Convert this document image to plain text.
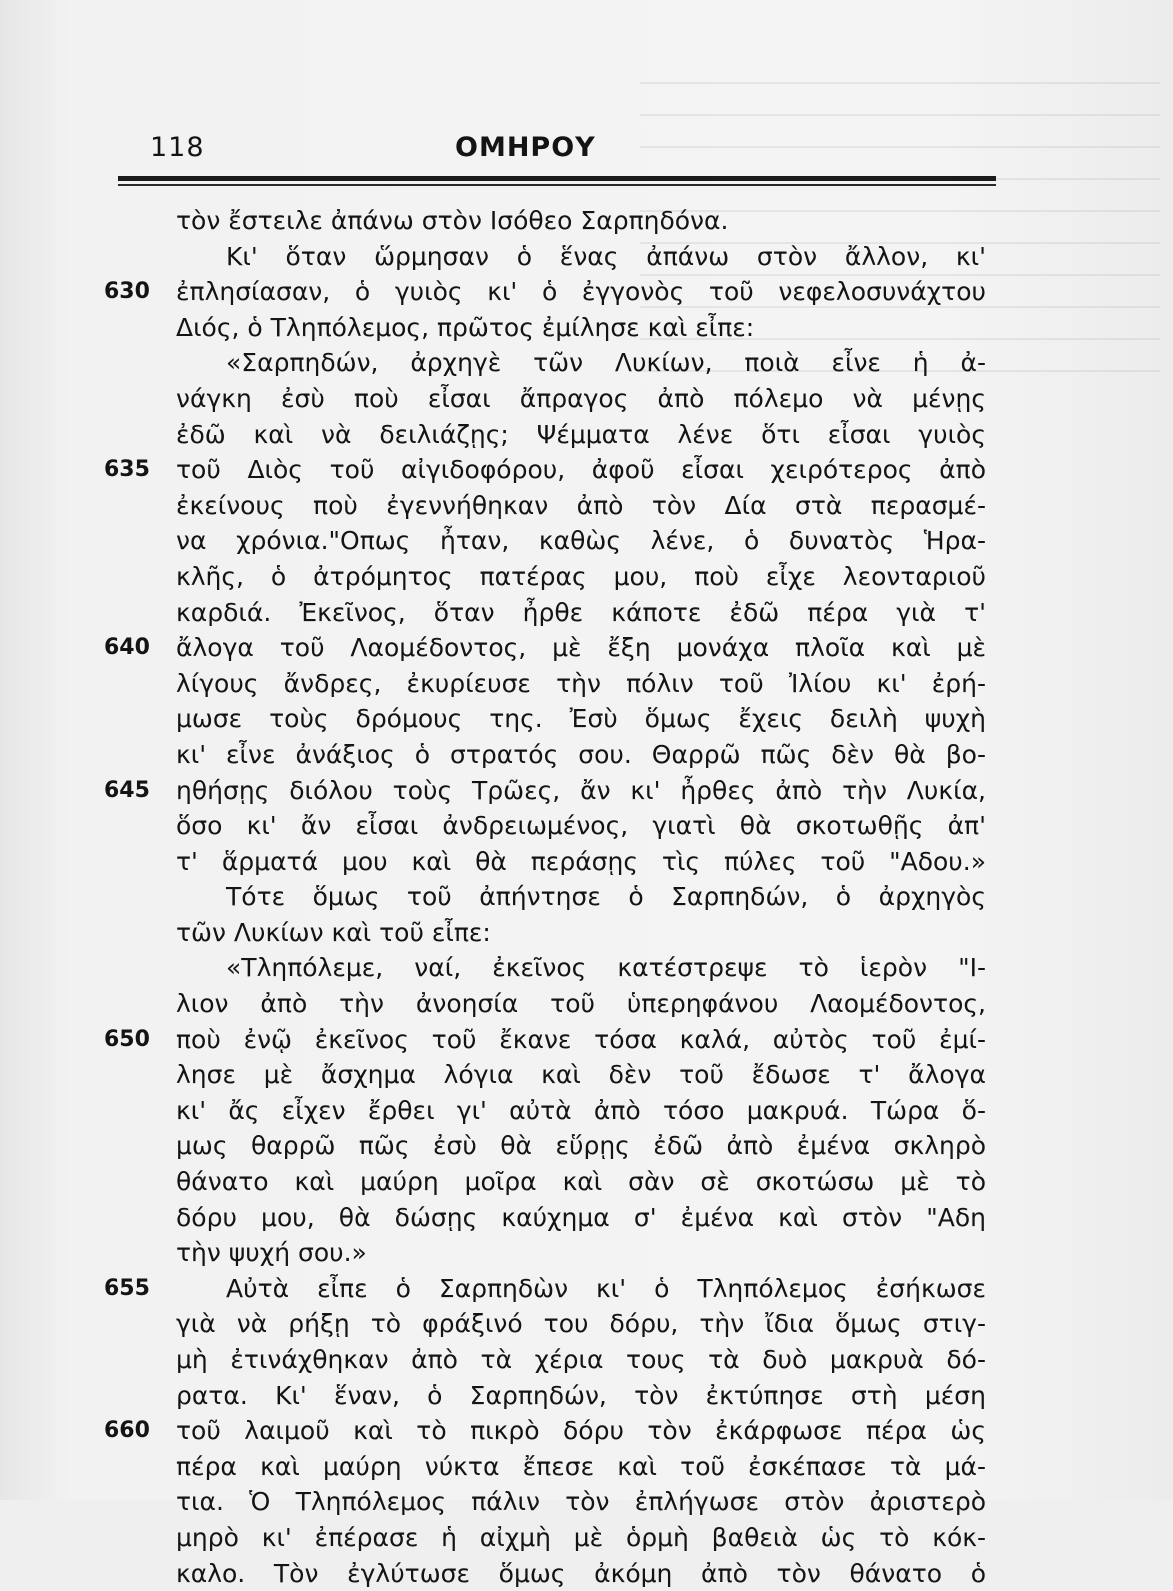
118	ΟΜΗΡΟΥ
τὸν ἔστειλε ἀπάνω στὸν Ισόθεο Σαρπηδόνα.
Κι' ὅταν ὥρμησαν ὁ ἕνας ἀπάνω στὸν ἄλλον, κι'
ἐπλησίασαν, ὁ γυιὸς κι' ὁ ἐγγονὸς τοῦ νεφελοσυνάχτου
630
Διός, ὁ Τληπόλεμος, πρῶτος ἐμίλησε καὶ εἶπε:
«Σαρπηδών, ἀρχηγὲ τῶν Λυκίων, ποιὰ εἶνε ἡ ἀ-
νάγκη ἐσὺ ποὺ εἶσαι ἄπραγος ἀπὸ πόλεμο νὰ μένῃς
ἐδῶ καὶ νὰ δειλιάζῃς; Ψέμματα λένε ὅτι εἶσαι γυιὸς
τοῦ Διὸς τοῦ αἰγιδοφόρου, ἀφοῦ εἶσαι χειρότερος ἀπὸ
635
ἐκείνους ποὺ ἐγεννήθηκαν ἀπὸ τὸν Δία στὰ περασμέ-
να χρόνια."Οπως ἦταν, καθὼς λένε, ὁ δυνατὸς Ἡρα-
κλῆς, ὁ ἀτρόμητος πατέρας μου, ποὺ εἶχε λεονταριοῦ
καρδιά. Ἐκεῖνος, ὅταν ἦρθε κάποτε ἐδῶ πέρα γιὰ τ'
ἄλογα τοῦ Λαομέδοντος, μὲ ἔξη μονάχα πλοῖα καὶ μὲ
640
λίγους ἄνδρες, ἐκυρίευσε τὴν πόλιν τοῦ Ἰλίου κι' ἐρή-
μωσε τοὺς δρόμους της. Ἐσὺ ὅμως ἔχεις δειλὴ ψυχὴ
κι' εἶνε ἀνάξιος ὁ στρατός σου. Θαρρῶ πῶς δὲν θὰ βο-
ηθήσῃς διόλου τοὺς Τρῶες, ἄν κι' ἦρθες ἀπὸ τὴν Λυκία,
645
ὅσο κι' ἄν εἶσαι ἀνδρειωμένος, γιατὶ θὰ σκοτωθῇς ἀπ'
τ' ἅρματά μου καὶ θὰ περάσῃς τὶς πύλες τοῦ "Αδου.»
Τότε ὅμως τοῦ ἀπήντησε ὁ Σαρπηδών, ὁ ἀρχηγὸς
τῶν Λυκίων καὶ τοῦ εἶπε:
«Τληπόλεμε, ναί, ἐκεῖνος κατέστρεψε τὸ ἱερὸν "Ι-
λιον ἀπὸ τὴν ἀνοησία τοῦ ὑπερηφάνου Λαομέδοντος,
ποὺ ἐνῷ ἐκεῖνος τοῦ ἔκανε τόσα καλά, αὐτὸς τοῦ ἐμί-
650
λησε μὲ ἄσχημα λόγια καὶ δὲν τοῦ ἔδωσε τ' ἄλογα
κι' ἄς εἶχεν ἔρθει γι' αὐτὰ ἀπὸ τόσο μακρυά. Τώρα ὅ-
μως θαρρῶ πῶς ἐσὺ θὰ εὕρῃς ἐδῶ ἀπὸ ἐμένα σκληρὸ
θάνατο καὶ μαύρη μοῖρα καὶ σὰν σὲ σκοτώσω μὲ τὸ
δόρυ μου, θὰ δώσῃς καύχημα σ' ἐμένα καὶ στὸν "Αδη
τὴν ψυχή σου.»
Αὐτὰ εἶπε ὁ Σαρπηδὼν κι' ὁ Τληπόλεμος ἐσήκωσε
655
γιὰ νὰ ρήξῃ τὸ φράξινό του δόρυ, τὴν ἴδια ὅμως στιγ-
μὴ ἐτινάχθηκαν ἀπὸ τὰ χέρια τους τὰ δυὸ μακρυὰ δό-
ρατα. Κι' ἕναν, ὁ Σαρπηδών, τὸν ἐκτύπησε στὴ μέση
τοῦ λαιμοῦ καὶ τὸ πικρὸ δόρυ τὸν ἐκάρφωσε πέρα ὡς
660
πέρα καὶ μαύρη νύκτα ἔπεσε καὶ τοῦ ἐσκέπασε τὰ μά-
τια. Ὁ Τληπόλεμος πάλιν τὸν ἐπλήγωσε στὸν ἀριστερὸ
μηρὸ κι' ἐπέρασε ἡ αἰχμὴ μὲ ὁρμὴ βαθειὰ ὡς τὸ κόκ-
καλο. Τὸν ἐγλύτωσε ὅμως ἀκόμη ἀπὸ τὸν θάνατο ὁ
